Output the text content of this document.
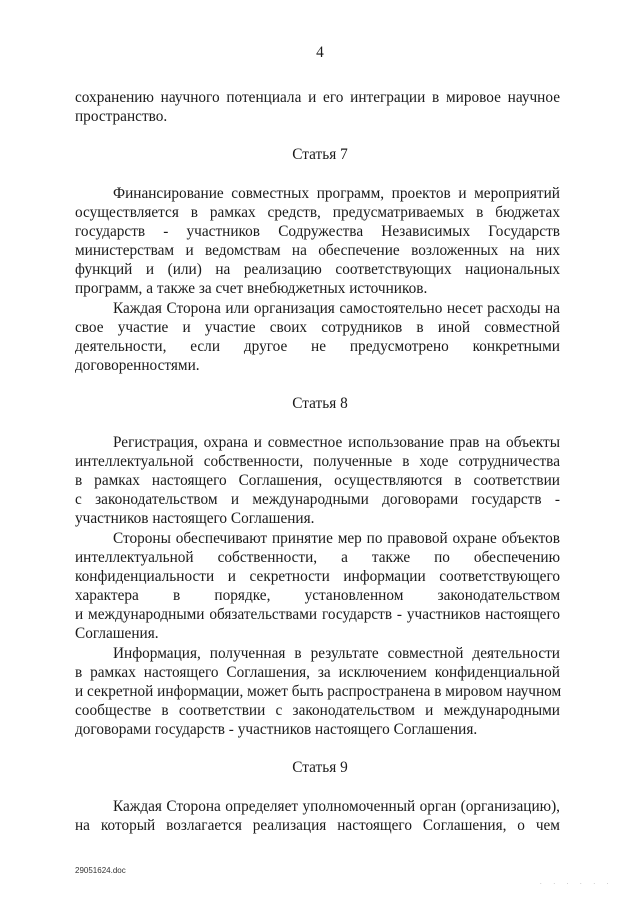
4
сохранению научного потенциала и его интеграции в мировое научное
пространство.
Статья 7
Финансирование совместных программ, проектов и мероприятий
осуществляется в рамках средств, предусматриваемых в бюджетах
государств - участников Содружества Независимых Государств
министерствам и ведомствам на обеспечение возложенных на них
функций и (или) на реализацию соответствующих национальных
программ, а также за счет внебюджетных источников.
Каждая Сторона или организация самостоятельно несет расходы на
свое участие и участие своих сотрудников в иной совместной
деятельности, если другое не предусмотрено конкретными
договоренностями.
Статья 8
Регистрация, охрана и совместное использование прав на объекты
интеллектуальной собственности, полученные в ходе сотрудничества
в рамках настоящего Соглашения, осуществляются в соответствии
с законодательством и международными договорами государств -
участников настоящего Соглашения.
Стороны обеспечивают принятие мер по правовой охране объектов
интеллектуальной собственности, а также по обеспечению
конфиденциальности и секретности информации соответствующего
характера в порядке, установленном законодательством
и международными обязательствами государств - участников настоящего
Соглашения.
Информация, полученная в результате совместной деятельности
в рамках настоящего Соглашения, за исключением конфиденциальной
и секретной информации, может быть распространена в мировом научном
сообществе в соответствии с законодательством и международными
договорами государств - участников настоящего Соглашения.
Статья 9
Каждая Сторона определяет уполномоченный орган (организацию),
на который возлагается реализация настоящего Соглашения, о чем
29051624.doc
. . . . . .
